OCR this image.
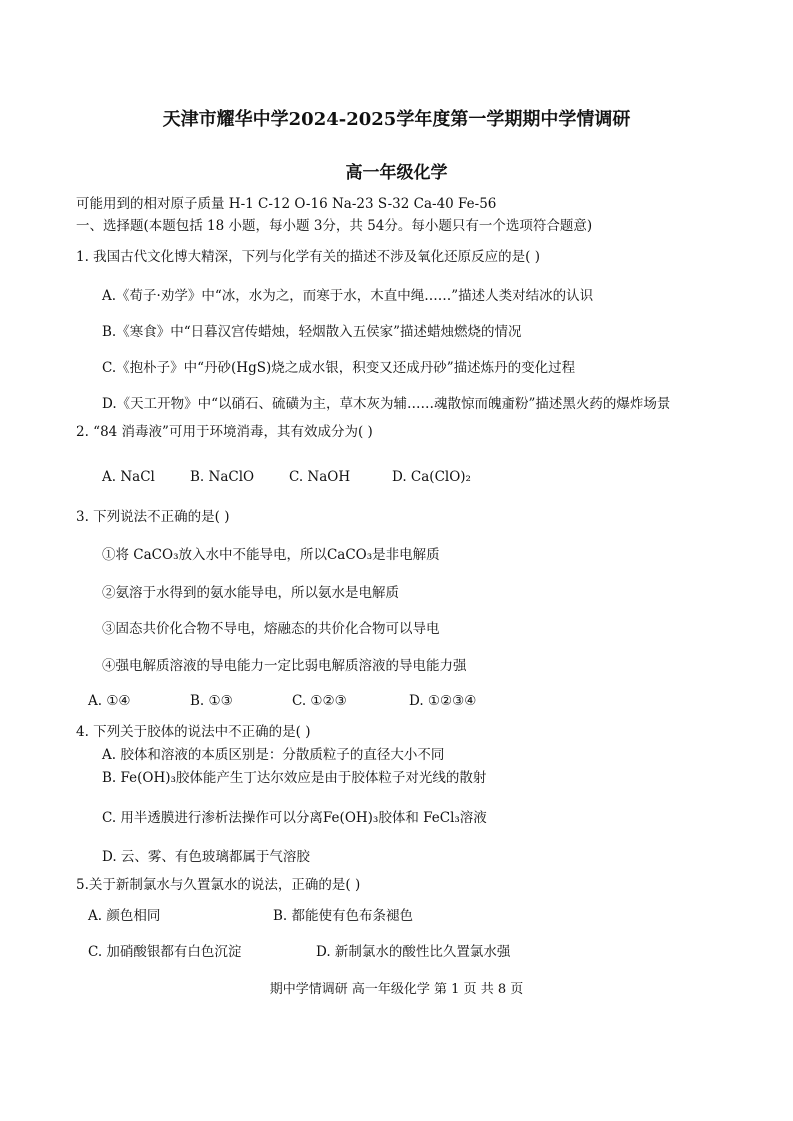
天津市耀华中学2024-2025学年度第一学期期中学情调研
高一年级化学
可能用到的相对原子质量 H-1 C-12 O-16 Na-23 S-32 Ca-40 Fe-56
一、选择题(本题包括 18 小题，每小题 3分，共 54分。每小题只有一个选项符合题意)
1. 我国古代文化博大精深，下列与化学有关的描述不涉及氧化还原反应的是( )
A.《荀子·劝学》中“冰，水为之，而寒于水，木直中绳……”描述人类对结冰的认识
B.《寒食》中“日暮汉宫传蜡烛，轻烟散入五侯家”描述蜡烛燃烧的情况
C.《抱朴子》中“丹砂(HgS)烧之成水银，积变又还成丹砂”描述炼丹的变化过程
D.《天工开物》中“以硝石、硫磺为主，草木灰为辅……魂散惊而魄齑粉”描述黑火药的爆炸场景
2. “84 消毒液”可用于环境消毒，其有效成分为( )
A. NaCl	B. NaClO	C. NaOH	D. Ca(ClO)₂
3. 下列说法不正确的是( )
①将 CaCO₃放入水中不能导电，所以CaCO₃是非电解质
②氨溶于水得到的氨水能导电，所以氨水是电解质
③固态共价化合物不导电，熔融态的共价化合物可以导电
④强电解质溶液的导电能力一定比弱电解质溶液的导电能力强
A. ①④	B. ①③	C. ①②③	D. ①②③④
4. 下列关于胶体的说法中不正确的是( )
A. 胶体和溶液的本质区别是：分散质粒子的直径大小不同
B. Fe(OH)₃胶体能产生丁达尔效应是由于胶体粒子对光线的散射
C. 用半透膜进行渗析法操作可以分离Fe(OH)₃胶体和 FeCl₃溶液
D. 云、雾、有色玻璃都属于气溶胶
5.关于新制氯水与久置氯水的说法，正确的是( )
A. 颜色相同	B. 都能使有色布条褪色
C. 加硝酸银都有白色沉淀	D. 新制氯水的酸性比久置氯水强
期中学情调研 高一年级化学 第 1 页 共 8 页
